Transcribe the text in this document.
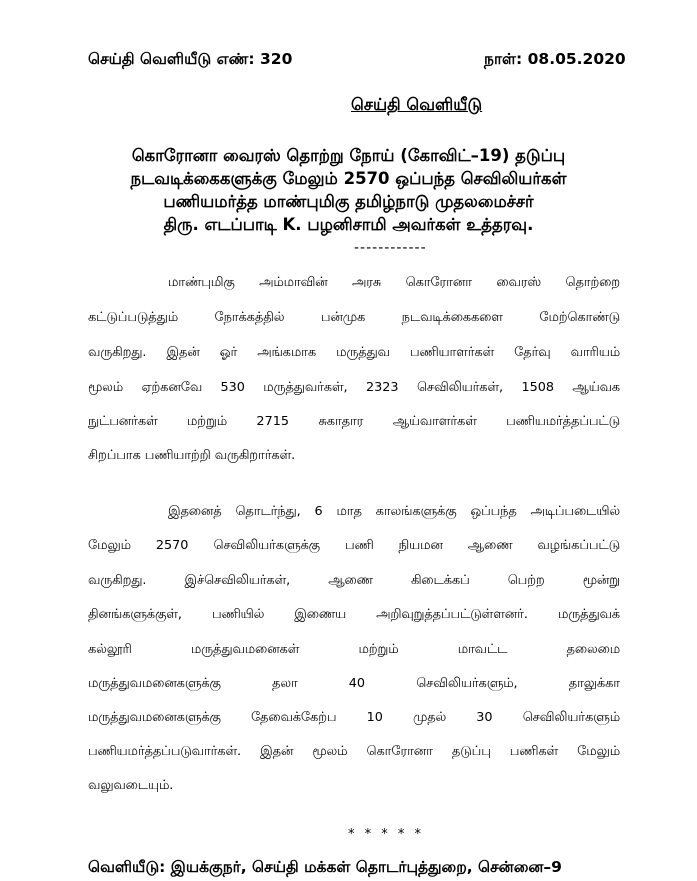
செய்தி வெளியீடு எண்: 320	நாள்: 08.05.2020
செய்தி வெளியீடு
கொரோனா வைரஸ் தொற்று நோய் (கோவிட்–19) தடுப்பு
நடவடிக்கைகளுக்கு மேலும் 2570 ஒப்பந்த செவிலியர்கள்
பணியமர்த்த மாண்புமிகு தமிழ்நாடு முதலமைச்சர்
திரு. எடப்பாடி K. பழனிசாமி அவர்கள் உத்தரவு.
------------
மாண்புமிகு அம்மாவின் அரசு கொரோனா வைரஸ் தொற்றை
கட்டுப்படுத்தும் நோக்கத்தில் பன்முக நடவடிக்கைகளை மேற்கொண்டு
வருகிறது. இதன் ஓர் அங்கமாக மருத்துவ பணியாளர்கள் தேர்வு வாரியம்
மூலம் ஏற்கனவே 530 மருத்துவர்கள், 2323 செவிலியர்கள், 1508 ஆய்வக
நுட்பனர்கள் மற்றும் 2715 சுகாதார ஆய்வாளர்கள் பணியமர்த்தப்பட்டு
சிறப்பாக பணியாற்றி வருகிறார்கள்.
இதனைத் தொடர்ந்து, 6 மாத காலங்களுக்கு ஒப்பந்த அடிப்படையில்
மேலும் 2570 செவிலியர்களுக்கு பணி நியமன ஆணை வழங்கப்பட்டு
வருகிறது. இச்செவிலியர்கள், ஆணை கிடைக்கப் பெற்ற மூன்று
தினங்களுக்குள், பணியில் இணைய அறிவுறுத்தப்பட்டுள்ளனர். மருத்துவக்
கல்லூரி மருத்துவமனைகள் மற்றும் மாவட்ட தலைமை
மருத்துவமனைகளுக்கு தலா 40 செவிலியர்களும், தாலுக்கா
மருத்துவமனைகளுக்கு தேவைக்கேற்ப 10 முதல் 30 செவிலியர்களும்
பணியமர்த்தப்படுவார்கள். இதன் மூலம் கொரோனா தடுப்பு பணிகள் மேலும்
வலுவடையும்.
* * * * *
வெளியீடு: இயக்குநர், செய்தி மக்கள் தொடர்புத்துறை, சென்னை–9
